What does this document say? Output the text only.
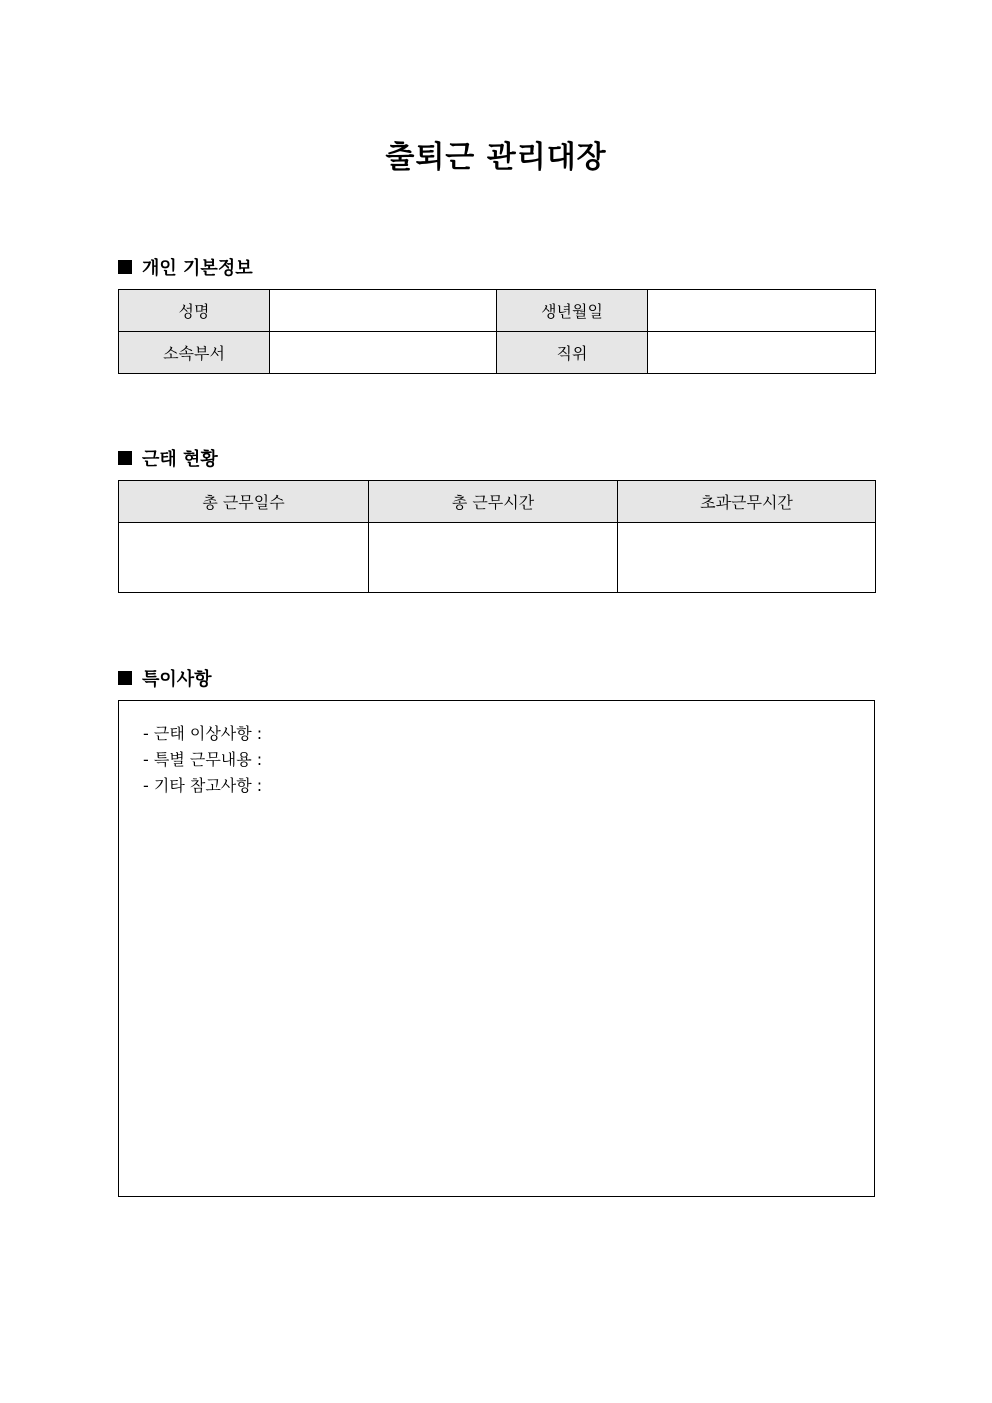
출퇴근 관리대장
개인 기본정보
성명		생년월일	
소속부서		직위	
근태 현황
총 근무일수	총 근무시간	초과근무시간

특이사항
- 근태 이상사항 :
- 특별 근무내용 :
- 기타 참고사항 :
